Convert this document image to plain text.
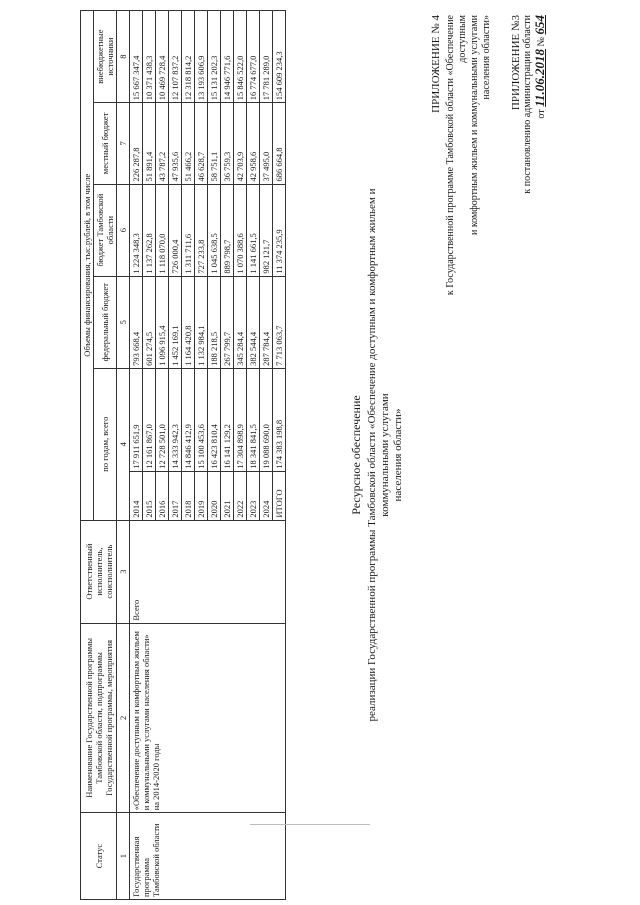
ПРИЛОЖЕНИЕ №3 к постановлению администрации области от 11.06.2018 № 654
ПРИЛОЖЕНИЕ № 4 к Государственной программе Тамбовской области «Обеспечение доступным и комфортным жильем и коммунальными услугами населения области»
Ресурсное обеспечение реализации Государственной программы Тамбовской области «Обеспечение доступным и комфортным жильем и коммунальными услугами населения области»
Статус	Наименование Государственной программы Тамбовской области, подпрограммы Государственной программы, мероприятия	Ответственный исполнитель, соисполнитель	Объемы финансирования, тыс.рублей, в том числе					
			по годам, всего		федеральный бюджет	бюджет Тамбовской области	местный бюджет	внебюджетные источники
1	2	3	4		5	6	7	8
Государственная программа Тамбовской области	«Обеспечение доступным и комфортным жильем и коммунальными услугами населения области» на 2014-2020 годы	Всего	2014	17 911 651,9	793 668,4	1 224 348,3	226 287,8	15 667 347,4
			2015	12 161 867,0	601 274,5	1 137 262,8	51 891,4	10 371 438,3
			2016	12 728 501,0	1 096 915,4	1 118 070,0	43 787,2	10 469 728,4
			2017	14 333 942,3	1 452 169,1	726 000,4	47 935,6	12 107 837,2
			2018	14 846 412,9	1 164 420,8	1 311 711,6	51 466,2	12 318 814,2
			2019	15 100 453,6	1 132 984,1	727 233,8	46 628,7	13 193 606,9
			2020	16 423 810,4	188 218,5	1 045 638,5	58 751,1	15 131 202,3
			2021	16 141 129,2	267 799,7	889 798,7	36 759,3	14 946 771,6
			2022	17 304 898,9	345 284,4	1 070 388,6	42 703,9	15 846 522,0
			2023	18 341 841,5	382 544,4	1 141 661,5	42 958,6	16 774 677,0
			2024	19 088 690,0	287 784,4	982 121,7	37 495,0	17 781 289,0
			ИТОГО	174 383 198,8	7 713 063,7	11 374 235,9	686 664,8	154 609 234,3
